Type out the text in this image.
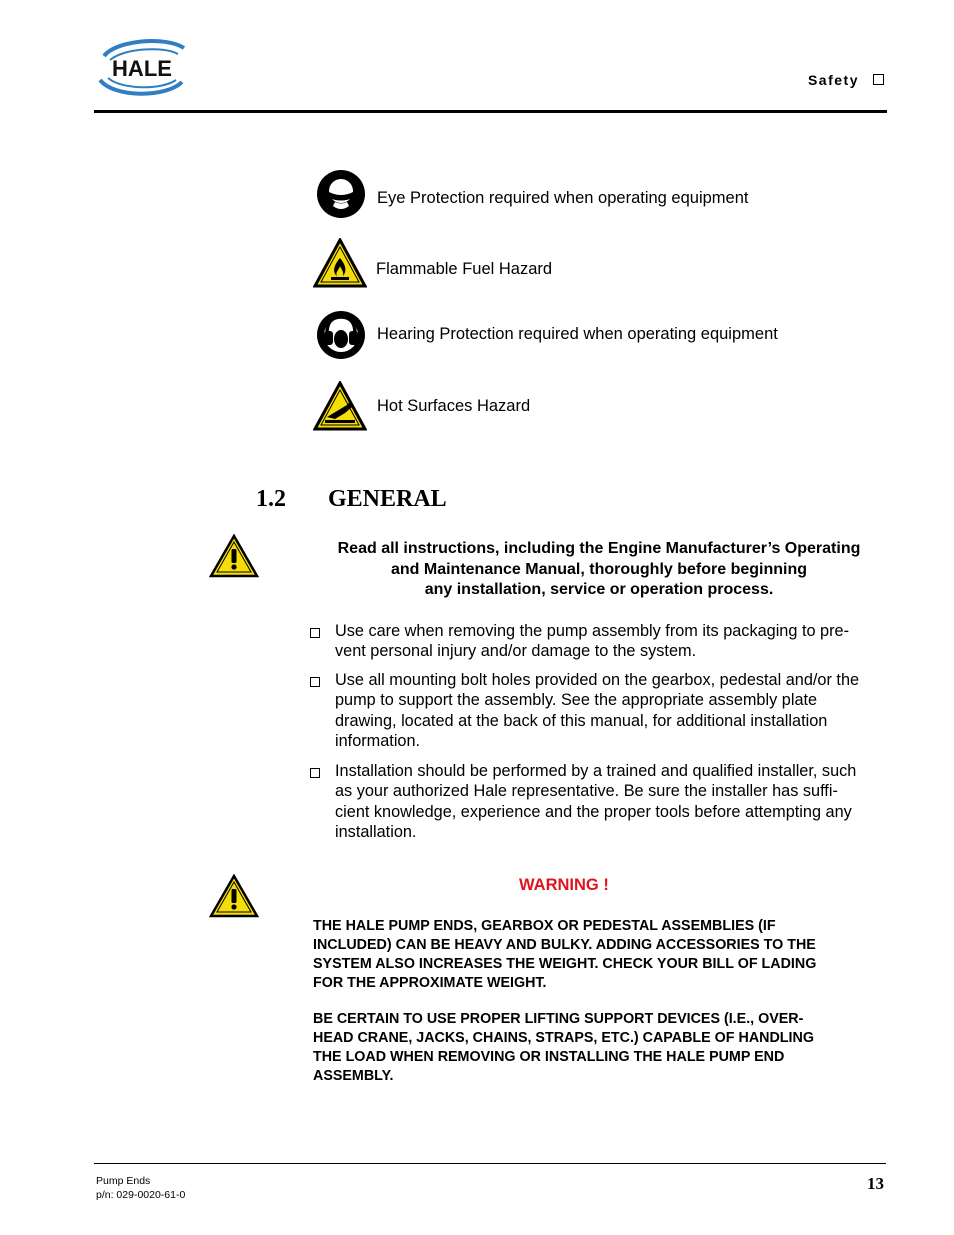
HALE	Safety
Eye Protection required when operating equipment
Flammable Fuel Hazard
Hearing Protection required when operating equipment
Hot Surfaces Hazard
1.2 GENERAL
Read all instructions, including the Engine Manufacturer’s Operating
and Maintenance Manual, thoroughly before beginning
any installation, service or operation process.
Use care when removing the pump assembly from its packaging to pre-
vent personal injury and/or damage to the system.
Use all mounting bolt holes provided on the gearbox, pedestal and/or the
pump to support the assembly. See the appropriate assembly plate
drawing, located at the back of this manual, for additional installation
information.
Installation should be performed by a trained and qualified installer, such
as your authorized Hale representative. Be sure the installer has suffi-
cient knowledge, experience and the proper tools before attempting any
installation.
WARNING !
THE HALE PUMP ENDS, GEARBOX OR PEDESTAL ASSEMBLIES (IF
INCLUDED) CAN BE HEAVY AND BULKY. ADDING ACCESSORIES TO THE
SYSTEM ALSO INCREASES THE WEIGHT. CHECK YOUR BILL OF LADING
FOR THE APPROXIMATE WEIGHT.
BE CERTAIN TO USE PROPER LIFTING SUPPORT DEVICES (I.E., OVER-
HEAD CRANE, JACKS, CHAINS, STRAPS, ETC.) CAPABLE OF HANDLING
THE LOAD WHEN REMOVING OR INSTALLING THE HALE PUMP END
ASSEMBLY.
Pump Ends
p/n: 029-0020-61-0
13
